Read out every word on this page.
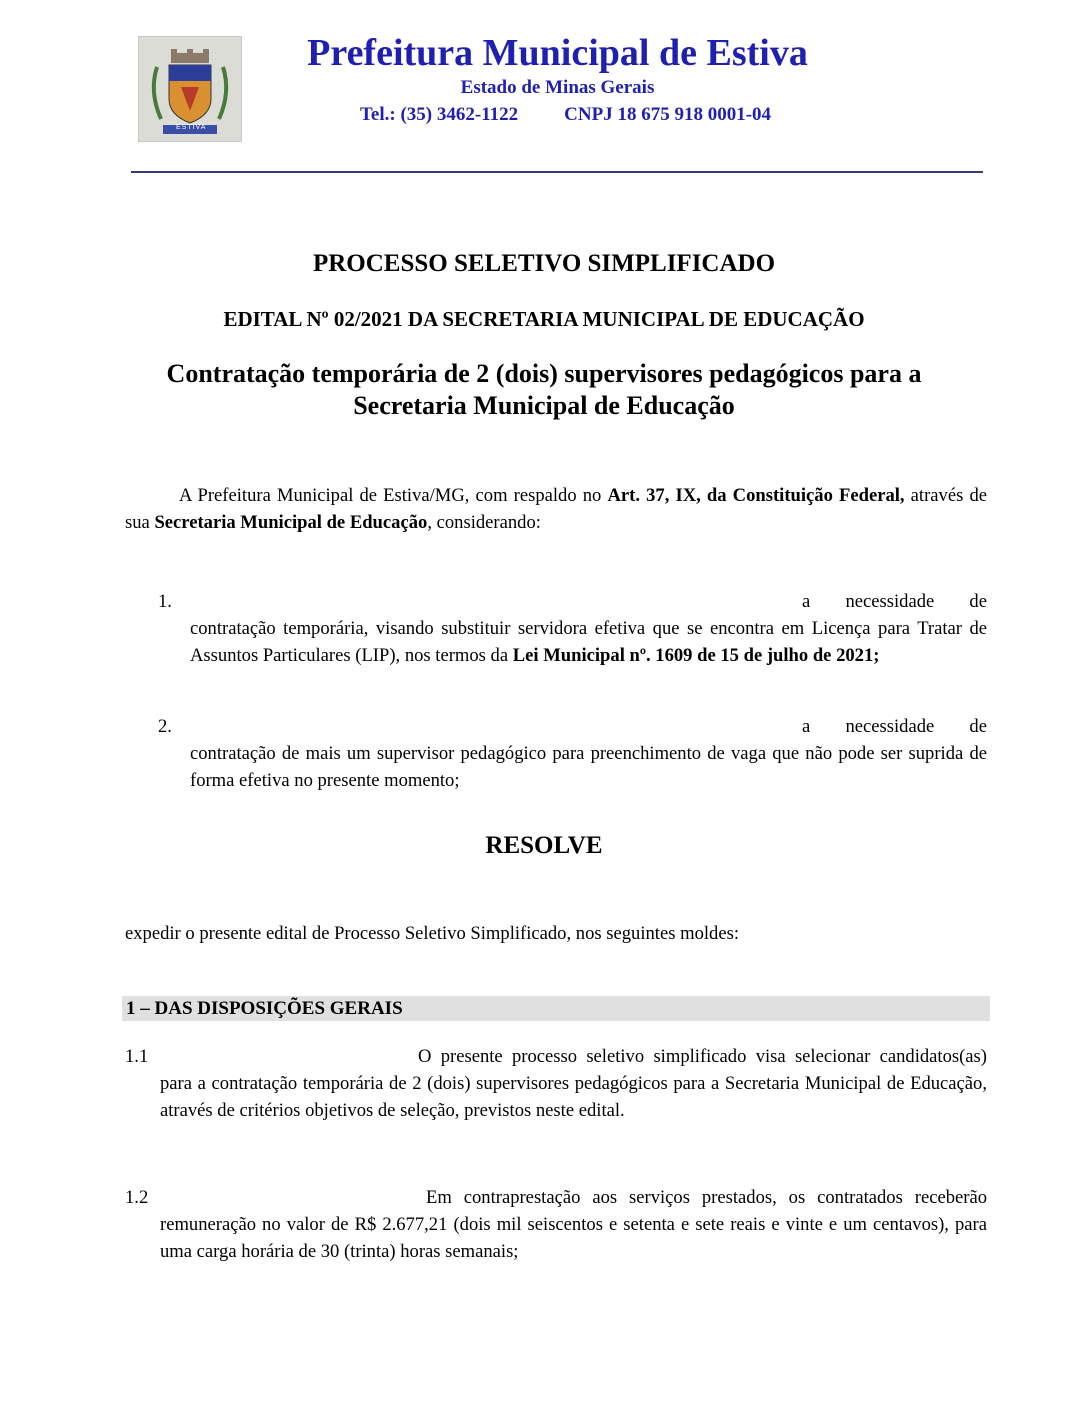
ESTIVA
Prefeitura Municipal de Estiva
Estado de Minas Gerais
Tel.: (35) 3462-1122 CNPJ 18 675 918 0001-04
PROCESSO SELETIVO SIMPLIFICADO
EDITAL Nº 02/2021 DA SECRETARIA MUNICIPAL DE EDUCAÇÃO
Contratação temporária de 2 (dois) supervisores pedagógicos para a
Secretaria Municipal de Educação
A Prefeitura Municipal de Estiva/MG, com respaldo no Art. 37, IX, da Constituição Federal, através de sua Secretaria Municipal de Educação, considerando:
1.	a necessidade de contratação temporária, visando substituir servidora efetiva que se encontra em Licença para Tratar de Assuntos Particulares (LIP), nos termos da Lei Municipal nº. 1609 de 15 de julho de 2021;
2.	a necessidade de contratação de mais um supervisor pedagógico para preenchimento de vaga que não pode ser suprida de forma efetiva no presente momento;
RESOLVE
expedir o presente edital de Processo Seletivo Simplificado, nos seguintes moldes:
1 – DAS DISPOSIÇÕES GERAIS
1.1	O presente processo seletivo simplificado visa selecionar candidatos(as) para a contratação temporária de 2 (dois) supervisores pedagógicos para a Secretaria Municipal de Educação, através de critérios objetivos de seleção, previstos neste edital.
1.2	Em contraprestação aos serviços prestados, os contratados receberão remuneração no valor de R$ 2.677,21 (dois mil seiscentos e setenta e sete reais e vinte e um centavos), para uma carga horária de 30 (trinta) horas semanais;
